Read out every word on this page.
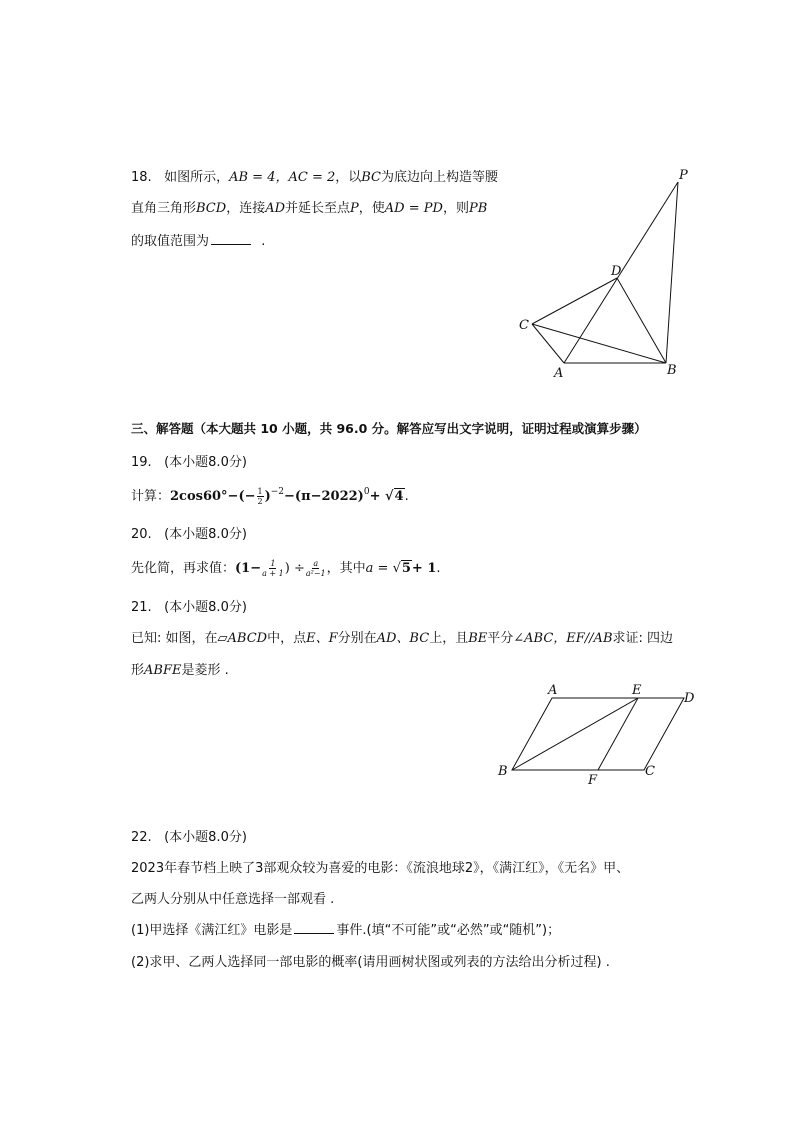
18. 如图所示，AB = 4，AC = 2，以BC为底边向上构造等腰
直角三角形BCD，连接AD并延长至点P，使AD = PD，则PB
的取值范围为	.
P
D
C
A	B
三、解答题（本大题共 10 小题，共 96.0 分。解答应写出文字说明，证明过程或演算步骤）
19. (本小题8.0分)
计算：$2\cos 60^\circ-(- \frac{1}{2} )^{-2}-(\pi-2022)^0+ √4$.
20. (本小题8.0分)
先化简，再求值：($1- \frac{1}{a + 1}$ ) ÷ $\frac{a}{\text{a²−1}}$ ，其中a = √5+ 1.
21. (本小题8.0分)
已知: 如图，在▱ABCD中，点E、F分别在AD、BC上，且BE平分∠ABC，EF//AB求证: 四边
形ABFE是菱形 .
A	E
D
B
F
C
22. (本小题8.0分)
2023年春节档上映了3部观众较为喜爱的电影：《流浪地球2》，《满江红》，《无名》甲、
乙两人分别从中任意选择一部观看 .
(1)甲选择《满江红》电影是	事件.(填“不可能”或“必然”或“随机”)；
(2)求甲、乙两人选择同一部电影的概率(请用画树状图或列表的方法给出分析过程) .
